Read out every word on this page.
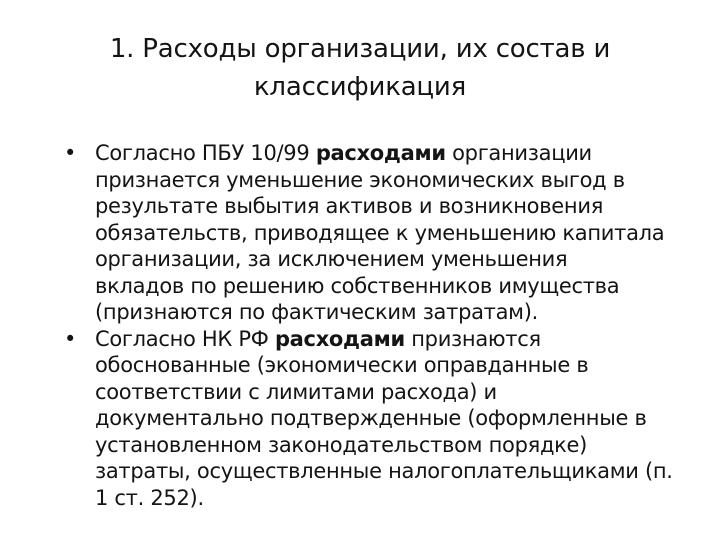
1. Расходы организации, их состав и
классификация
• Согласно ПБУ 10/99 расходами организации
признается уменьшение экономических выгод в
результате выбытия активов и возникновения
обязательств, приводящее к уменьшению капитала
организации, за исключением уменьшения
вкладов по решению собственников имущества
(признаются по фактическим затратам).
• Согласно НК РФ расходами признаются
обоснованные (экономически оправданные в
соответствии с лимитами расхода) и
документально подтвержденные (оформленные в
установленном законодательством порядке)
затраты, осуществленные налогоплательщиками (п.
1 ст. 252).
